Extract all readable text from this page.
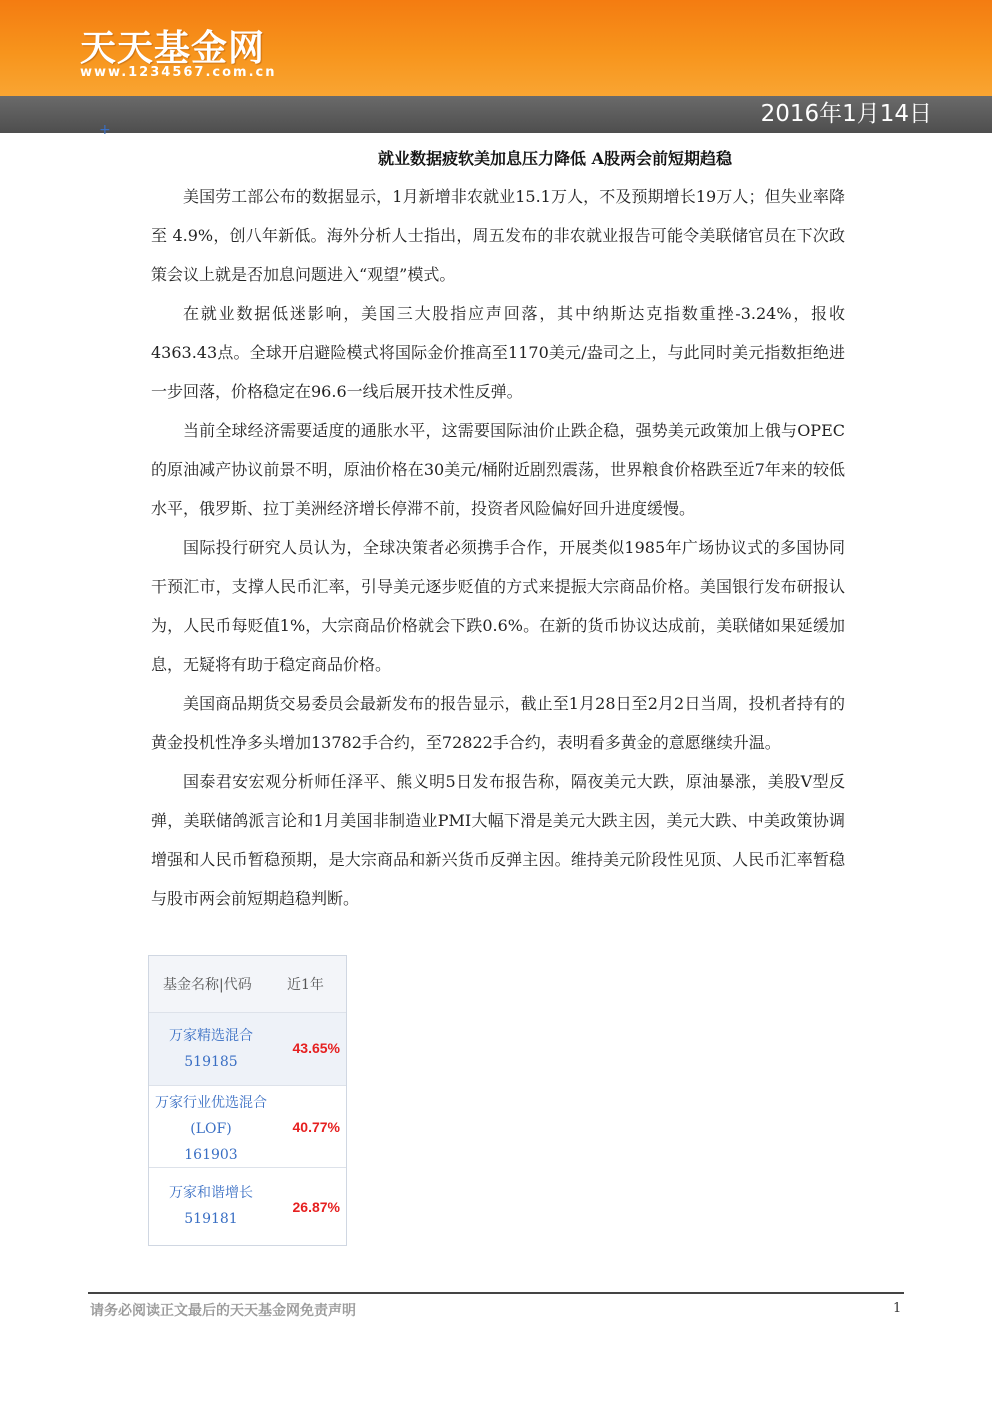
天天基金网
www.1234567.com.cn
2016年1月14日
+
就业数据疲软美加息压力降低 A股两会前短期趋稳

美国劳工部公布的数据显示，1月新增非农就业15.1万人，不及预期增长19万人；但失业率降至 4.9%，创八年新低。海外分析人士指出，周五发布的非农就业报告可能令美联储官员在下次政策会议上就是否加息问题进入“观望”模式。

在就业数据低迷影响，美国三大股指应声回落，其中纳斯达克指数重挫-3.24%，报收4363.43点。全球开启避险模式将国际金价推高至1170美元/盎司之上，与此同时美元指数拒绝进一步回落，价格稳定在96.6一线后展开技术性反弹。

当前全球经济需要适度的通胀水平，这需要国际油价止跌企稳，强势美元政策加上俄与OPEC的原油减产协议前景不明，原油价格在30美元/桶附近剧烈震荡，世界粮食价格跌至近7年来的较低水平，俄罗斯、拉丁美洲经济增长停滞不前，投资者风险偏好回升进度缓慢。

国际投行研究人员认为，全球决策者必须携手合作，开展类似1985年广场协议式的多国协同干预汇市，支撑人民币汇率，引导美元逐步贬值的方式来提振大宗商品价格。美国银行发布研报认为，人民币每贬值1%，大宗商品价格就会下跌0.6%。在新的货币协议达成前，美联储如果延缓加息，无疑将有助于稳定商品价格。

美国商品期货交易委员会最新发布的报告显示，截止至1月28日至2月2日当周，投机者持有的黄金投机性净多头增加13782手合约，至72822手合约，表明看多黄金的意愿继续升温。

国泰君安宏观分析师任泽平、熊义明5日发布报告称，隔夜美元大跌，原油暴涨，美股V型反弹，美联储鸽派言论和1月美国非制造业PMI大幅下滑是美元大跌主因，美元大跌、中美政策协调增强和人民币暂稳预期，是大宗商品和新兴货币反弹主因。维持美元阶段性见顶、人民币汇率暂稳与股市两会前短期趋稳判断。

基金名称|代码	近1年
万家精选混合
519185
43.65%
万家行业优选混合(LOF)
161903
40.77%
万家和谐增长
519181
26.87%
请务必阅读正文最后的天天基金网免责声明	1
